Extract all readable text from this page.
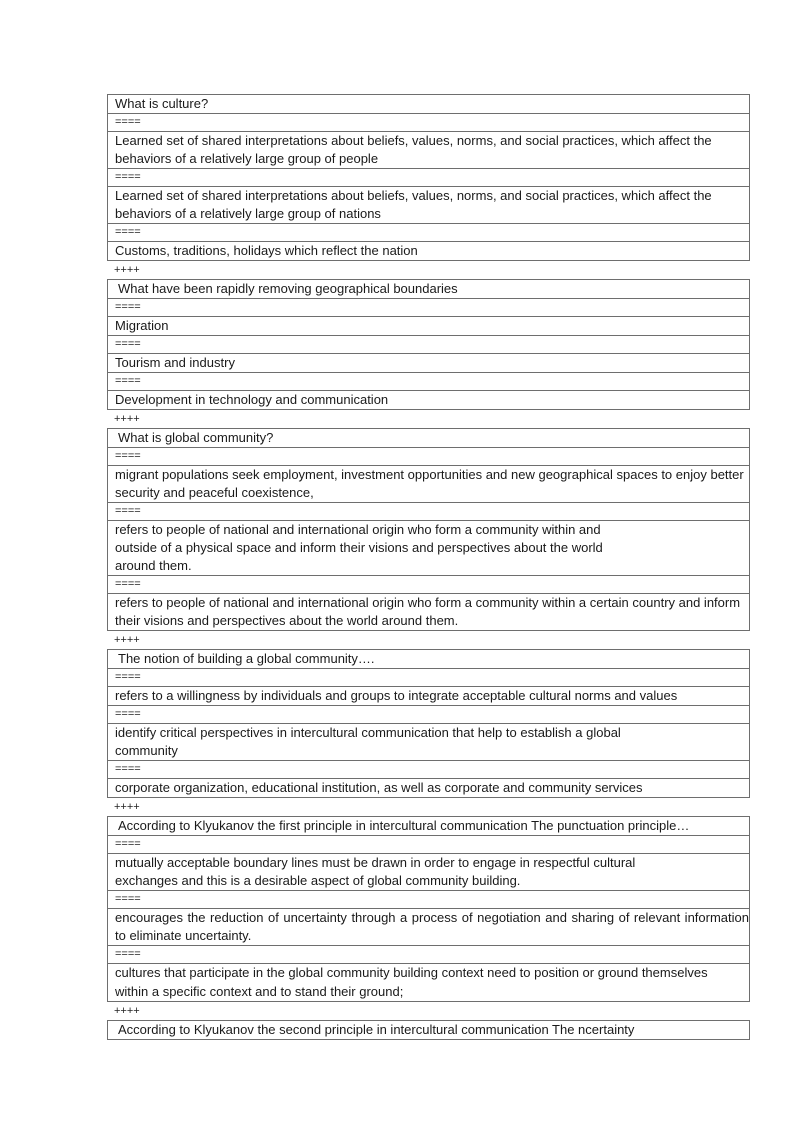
What is culture?
====
Learned set of shared interpretations about beliefs, values, norms, and social practices, which affect the behaviors of a relatively large group of people
====
Learned set of shared interpretations about beliefs, values, norms, and social practices, which affect the behaviors of a relatively large group of nations
====
Customs, traditions, holidays which reflect the nation
++++
What have been rapidly removing geographical boundaries
====
Migration
====
Tourism and industry
====
Development in technology and communication
++++
What is global community?
====
migrant populations seek employment, investment opportunities and new geographical spaces to enjoy better security and peaceful coexistence,
====
refers to people of national and international origin who form a community within and outside of a physical space and inform their visions and perspectives about the world around them.
====
refers to people of national and international origin who form a community within a certain country and inform their visions and perspectives about the world around them.
++++
The notion of building a global community….
====
refers to a willingness by individuals and groups to integrate acceptable cultural norms and values
====
identify critical perspectives in intercultural communication that help to establish a global community
====
corporate organization, educational institution, as well as corporate and community services
++++
According to Klyukanov the first principle in intercultural communication The punctuation principle…
====
mutually acceptable boundary lines must be drawn in order to engage in respectful cultural exchanges and this is a desirable aspect of global community building.
====
encourages the reduction of uncertainty through a process of negotiation and sharing of relevant information to eliminate uncertainty.
====
cultures that participate in the global community building context need to position or ground themselves within a specific context and to stand their ground;
++++
According to Klyukanov the second principle in intercultural communication The ncertainty
